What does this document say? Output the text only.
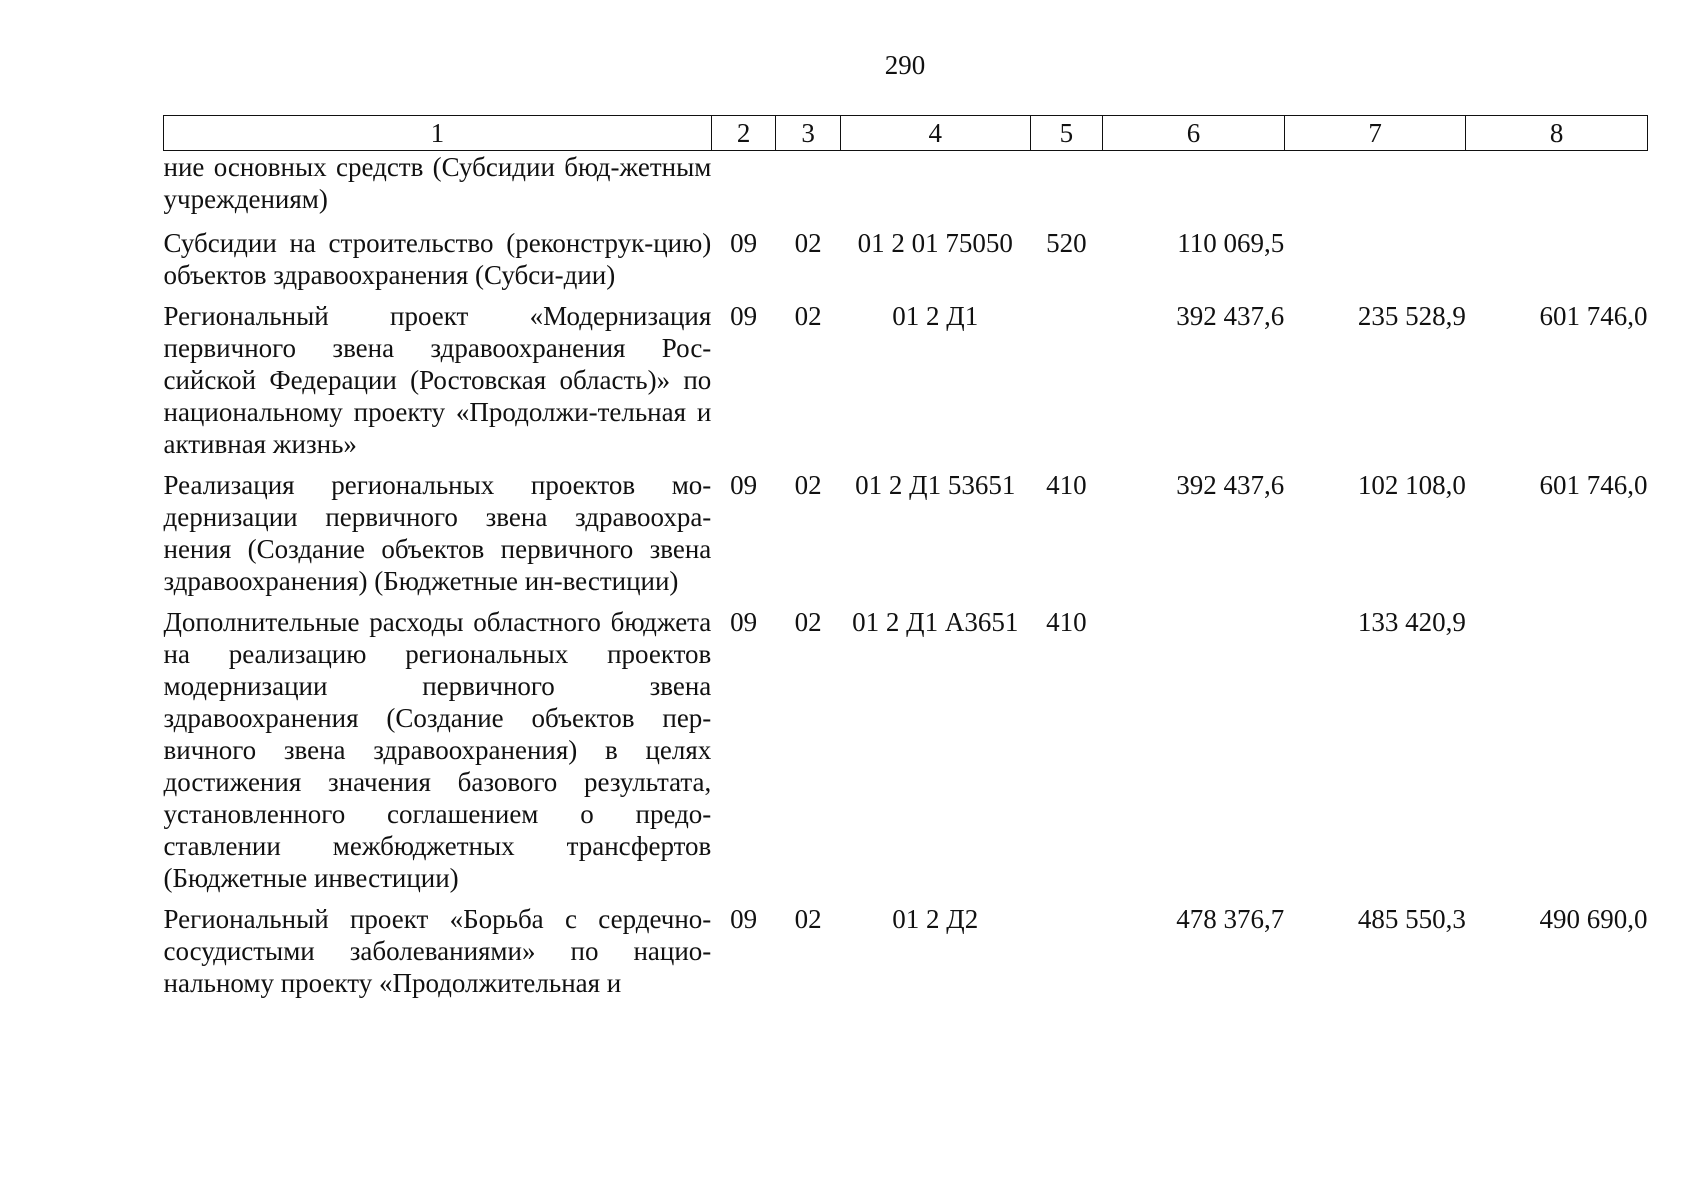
290
1	2	3	4	5	6	7	8
ние основных средств (Субсидии бюд-жетным учреждениям)							
Субсидии на строительство (реконструк-цию) объектов здравоохранения (Субси-дии)	09	02	01 2 01 75050	520	110 069,5		
Региональный проект «Модернизация первичного звена здравоохранения Рос-сийской Федерации (Ростовская область)» по национальному проекту «Продолжи-тельная и активная жизнь»	09	02	01 2 Д1		392 437,6	235 528,9	601 746,0
Реализация региональных проектов мо-дернизации первичного звена здравоохра-нения (Создание объектов первичного звена здравоохранения) (Бюджетные ин-вестиции)	09	02	01 2 Д1 53651	410	392 437,6	102 108,0	601 746,0
Дополнительные расходы областного бюджета на реализацию региональных проектов модернизации первичного звена здравоохранения (Создание объектов пер-вичного звена здравоохранения) в целях достижения значения базового результата, установленного соглашением о предо-ставлении межбюджетных трансфертов (Бюджетные инвестиции)	09	02	01 2 Д1 А3651	410		133 420,9	
Региональный проект «Борьба с сердечно-сосудистыми заболеваниями» по нацио-нальному проекту «Продолжительная и	09	02	01 2 Д2		478 376,7	485 550,3	490 690,0
